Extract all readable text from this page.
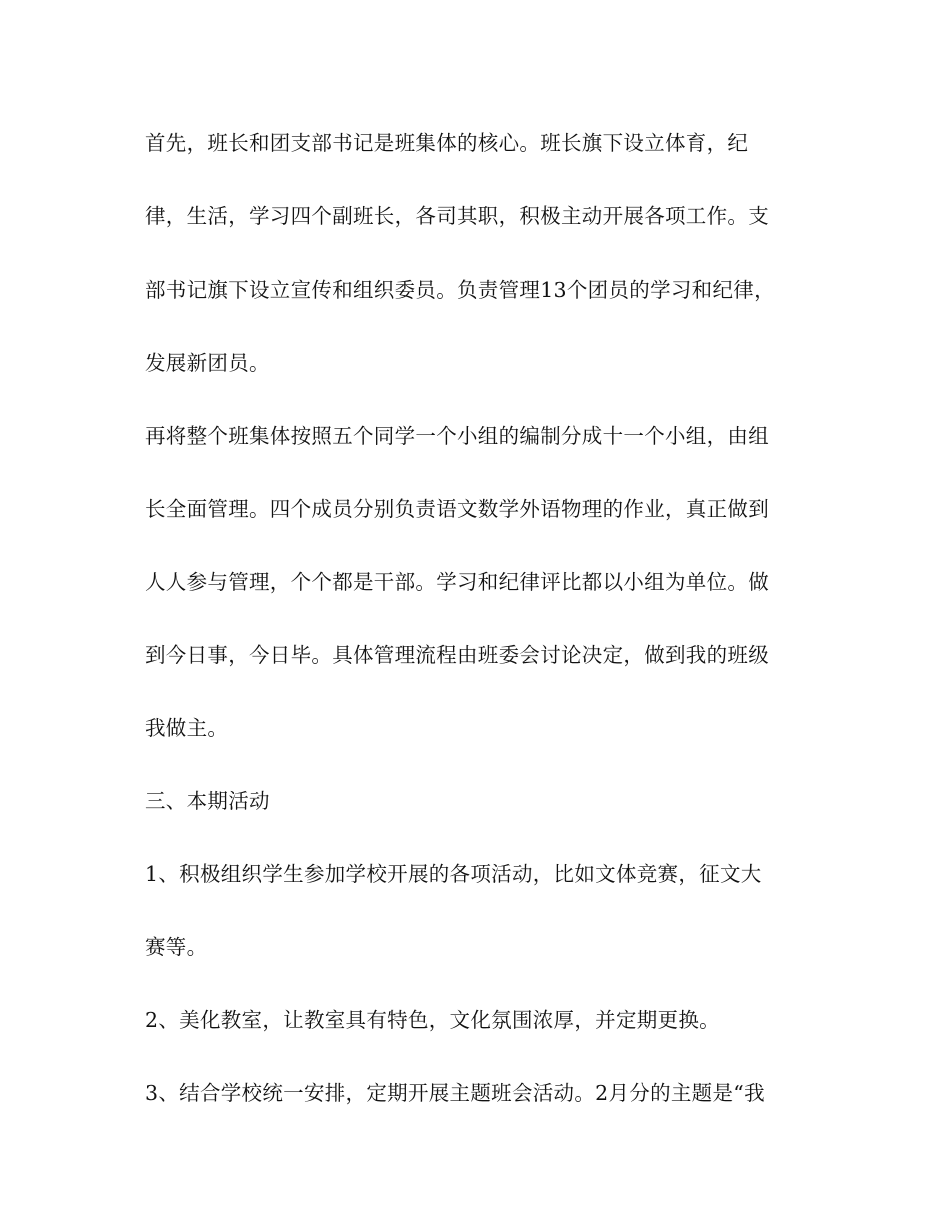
首先，班长和团支部书记是班集体的核心。班长旗下设立体育，纪
律，生活，学习四个副班长，各司其职，积极主动开展各项工作。支
部书记旗下设立宣传和组织委员。负责管理13个团员的学习和纪律，
发展新团员。
再将整个班集体按照五个同学一个小组的编制分成十一个小组，由组
长全面管理。四个成员分别负责语文数学外语物理的作业，真正做到
人人参与管理，个个都是干部。学习和纪律评比都以小组为单位。做
到今日事，今日毕。具体管理流程由班委会讨论决定，做到我的班级
我做主。
三、本期活动
1、积极组织学生参加学校开展的各项活动，比如文体竞赛，征文大
赛等。
2、美化教室，让教室具有特色，文化氛围浓厚，并定期更换。
3、结合学校统一安排，定期开展主题班会活动。2月分的主题是“我
